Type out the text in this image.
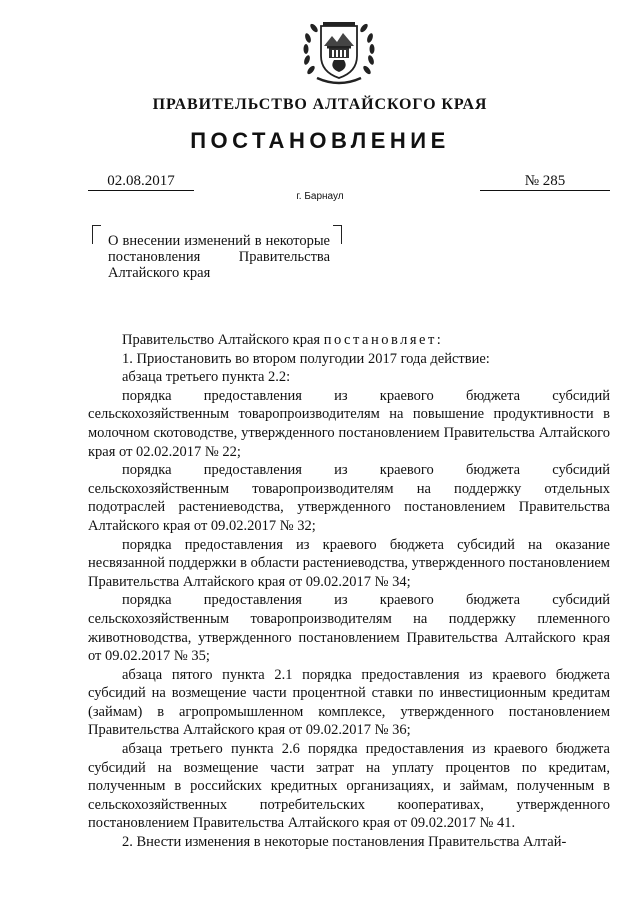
ПРАВИТЕЛЬСТВО АЛТАЙСКОГО КРАЯ
ПОСТАНОВЛЕНИЕ
02.08.2017	№ 285
г. Барнаул
О внесении изменений в некоторые постановления Правительства Алтайского края

Правительство Алтайского края постановляет:

1. Приостановить во втором полугодии 2017 года действие:

абзаца третьего пункта 2.2:

порядка предоставления из краевого бюджета субсидий сельскохозяйственным товаропроизводителям на повышение продуктивности в молочном скотоводстве, утвержденного постановлением Правительства Алтайского края от 02.02.2017 № 22;

порядка предоставления из краевого бюджета субсидий сельскохозяйственным товаропроизводителям на поддержку отдельных подотраслей растениеводства, утвержденного постановлением Правительства Алтайского края от 09.02.2017 № 32;

порядка предоставления из краевого бюджета субсидий на оказание несвязанной поддержки в области растениеводства, утвержденного постановлением Правительства Алтайского края от 09.02.2017 № 34;

порядка предоставления из краевого бюджета субсидий сельскохозяйственным товаропроизводителям на поддержку племенного животноводства, утвержденного постановлением Правительства Алтайского края от 09.02.2017 № 35;

абзаца пятого пункта 2.1 порядка предоставления из краевого бюджета субсидий на возмещение части процентной ставки по инвестиционным кредитам (займам) в агропромышленном комплексе, утвержденного постановлением Правительства Алтайского края от 09.02.2017 № 36;

абзаца третьего пункта 2.6 порядка предоставления из краевого бюджета субсидий на возмещение части затрат на уплату процентов по кредитам, полученным в российских кредитных организациях, и займам, полученным в сельскохозяйственных потребительских кооперативах, утвержденного постановлением Правительства Алтайского края от 09.02.2017 № 41.

2. Внести изменения в некоторые постановления Правительства Алтай-
